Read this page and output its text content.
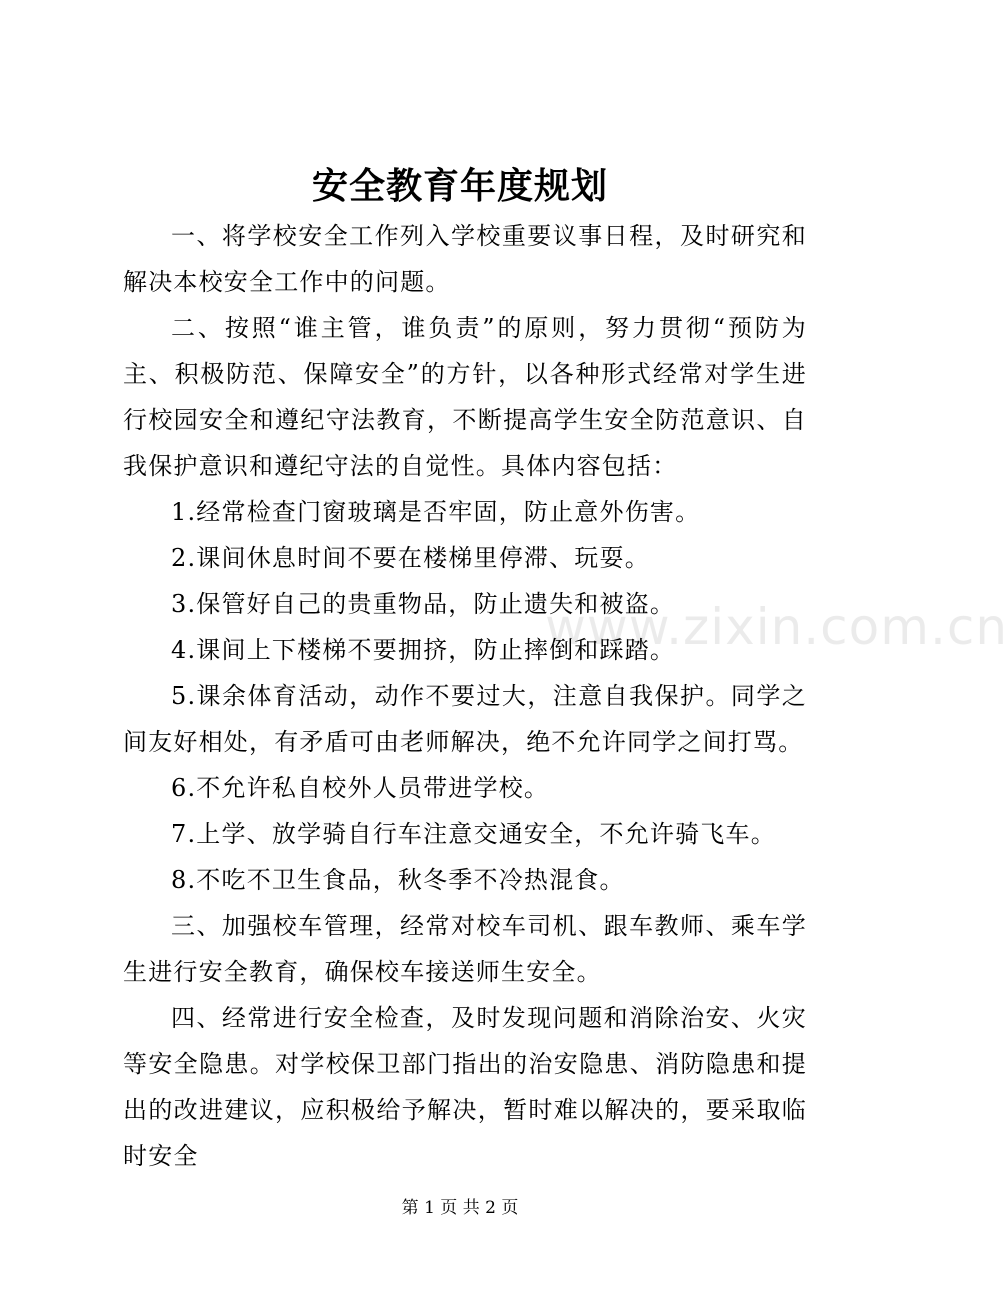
安全教育年度规划

一、将学校安全工作列入学校重要议事日程，及时研究和解决本校安全工作中的问题。

二、按照“谁主管，谁负责”的原则，努力贯彻“预防为主、积极防范、保障安全”的方针，以各种形式经常对学生进行校园安全和遵纪守法教育，不断提高学生安全防范意识、自我保护意识和遵纪守法的自觉性。具体内容包括：

1.经常检查门窗玻璃是否牢固，防止意外伤害。

2.课间休息时间不要在楼梯里停滞、玩耍。

3.保管好自己的贵重物品，防止遗失和被盗。

4.课间上下楼梯不要拥挤，防止摔倒和踩踏。

5.课余体育活动，动作不要过大，注意自我保护。同学之间友好相处，有矛盾可由老师解决，绝不允许同学之间打骂。

6.不允许私自校外人员带进学校。

7.上学、放学骑自行车注意交通安全，不允许骑飞车。

8.不吃不卫生食品，秋冬季不冷热混食。

三、加强校车管理，经常对校车司机、跟车教师、乘车学生进行安全教育，确保校车接送师生安全。

四、经常进行安全检查，及时发现问题和消除治安、火灾等安全隐患。对学校保卫部门指出的治安隐患、消防隐患和提出的改进建议，应积极给予解决，暂时难以解决的，要采取临时安全

www.zixin.com.cn
第 1 页 共 2 页
